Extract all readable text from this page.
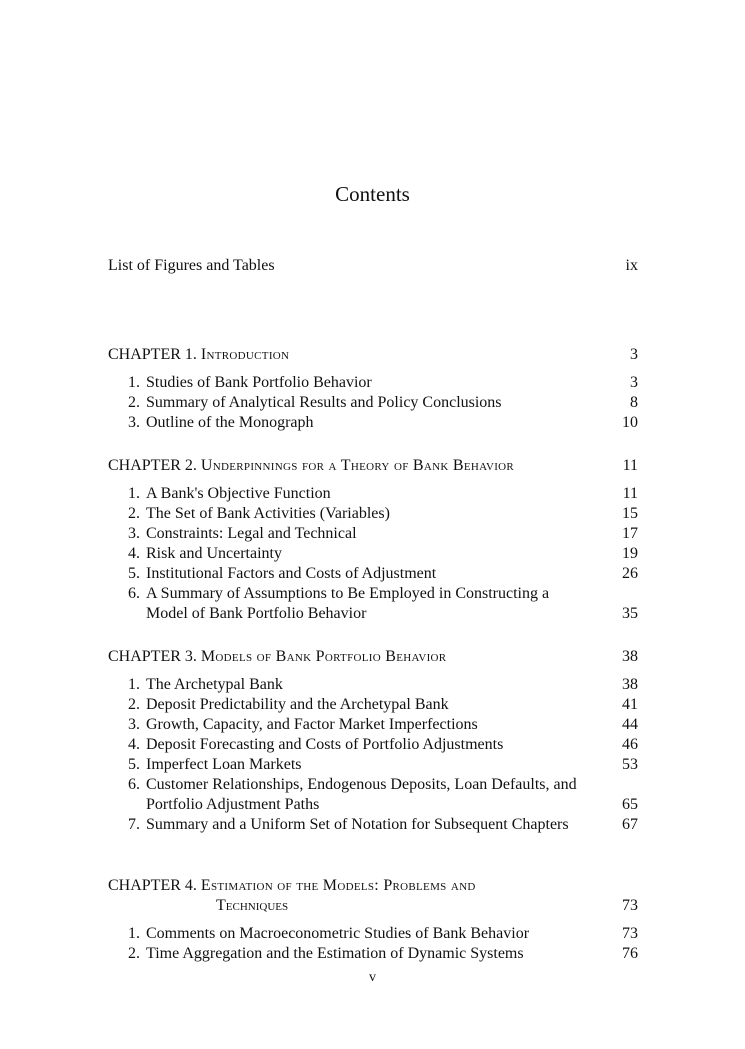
Contents
List of Figures and Tables	ix
CHAPTER 1. Introduction	3
1. Studies of Bank Portfolio Behavior	3
2. Summary of Analytical Results and Policy Conclusions	8
3. Outline of the Monograph	10
CHAPTER 2. Underpinnings for a Theory of Bank Behavior	11
1. A Bank's Objective Function	11
2. The Set of Bank Activities (Variables)	15
3. Constraints: Legal and Technical	17
4. Risk and Uncertainty	19
5. Institutional Factors and Costs of Adjustment	26
6. A Summary of Assumptions to Be Employed in Constructing a Model of Bank Portfolio Behavior	35
CHAPTER 3. Models of Bank Portfolio Behavior	38
1. The Archetypal Bank	38
2. Deposit Predictability and the Archetypal Bank	41
3. Growth, Capacity, and Factor Market Imperfections	44
4. Deposit Forecasting and Costs of Portfolio Adjustments	46
5. Imperfect Loan Markets	53
6. Customer Relationships, Endogenous Deposits, Loan Defaults, and Portfolio Adjustment Paths	65
7. Summary and a Uniform Set of Notation for Subsequent Chapters	67
CHAPTER 4. Estimation of the Models: Problems and
Techniques	73
1. Comments on Macroeconometric Studies of Bank Behavior	73
2. Time Aggregation and the Estimation of Dynamic Systems	76
v
